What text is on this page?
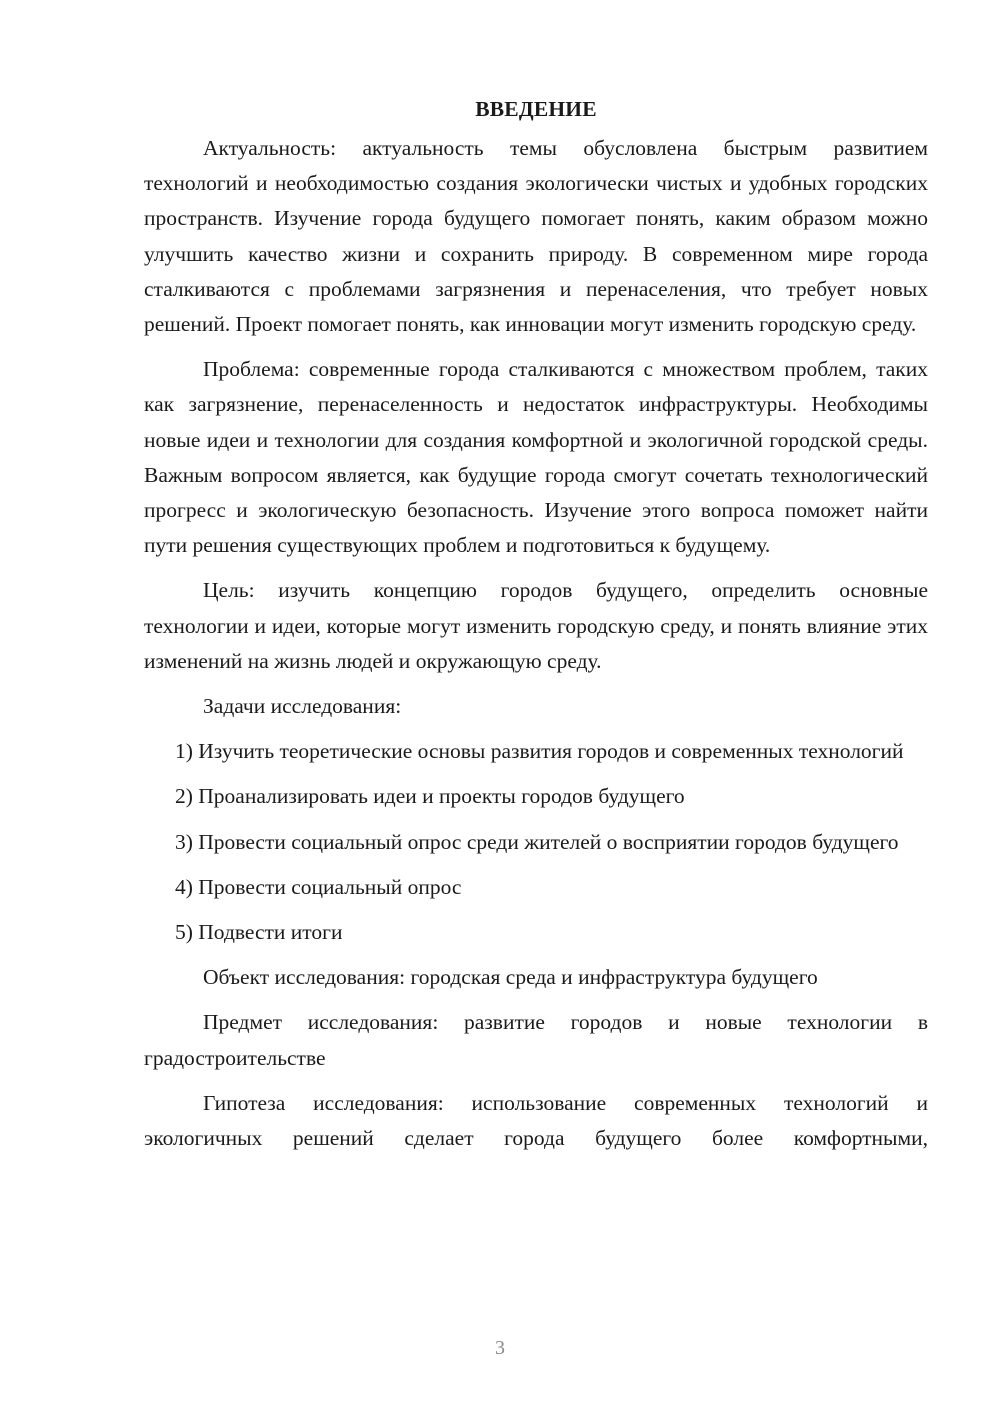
ВВЕДЕНИЕ

Актуальность: актуальность темы обусловлена быстрым развитием технологий и необходимостью создания экологически чистых и удобных городских пространств. Изучение города будущего помогает понять, каким образом можно улучшить качество жизни и сохранить природу. В современном мире города сталкиваются с проблемами загрязнения и перенаселения, что требует новых решений. Проект помогает понять, как инновации могут изменить городскую среду.

Проблема: современные города сталкиваются с множеством проблем, таких как загрязнение, перенаселенность и недостаток инфраструктуры. Необходимы новые идеи и технологии для создания комфортной и экологичной городской среды. Важным вопросом является, как будущие города смогут сочетать технологический прогресс и экологическую безопасность. Изучение этого вопроса поможет найти пути решения существующих проблем и подготовиться к будущему.

Цель: изучить концепцию городов будущего, определить основные технологии и идеи, которые могут изменить городскую среду, и понять влияние этих изменений на жизнь людей и окружающую среду.

Задачи исследования:

1) Изучить теоретические основы развития городов и современных технологий

2) Проанализировать идеи и проекты городов будущего

3) Провести социальный опрос среди жителей о восприятии городов будущего

4) Провести социальный опрос

5) Подвести итоги

Объект исследования: городская среда и инфраструктура будущего

Предмет исследования: развитие городов и новые технологии в градостроительстве

Гипотеза исследования: использование современных технологий и экологичных решений сделает города будущего более комфортными,

3
